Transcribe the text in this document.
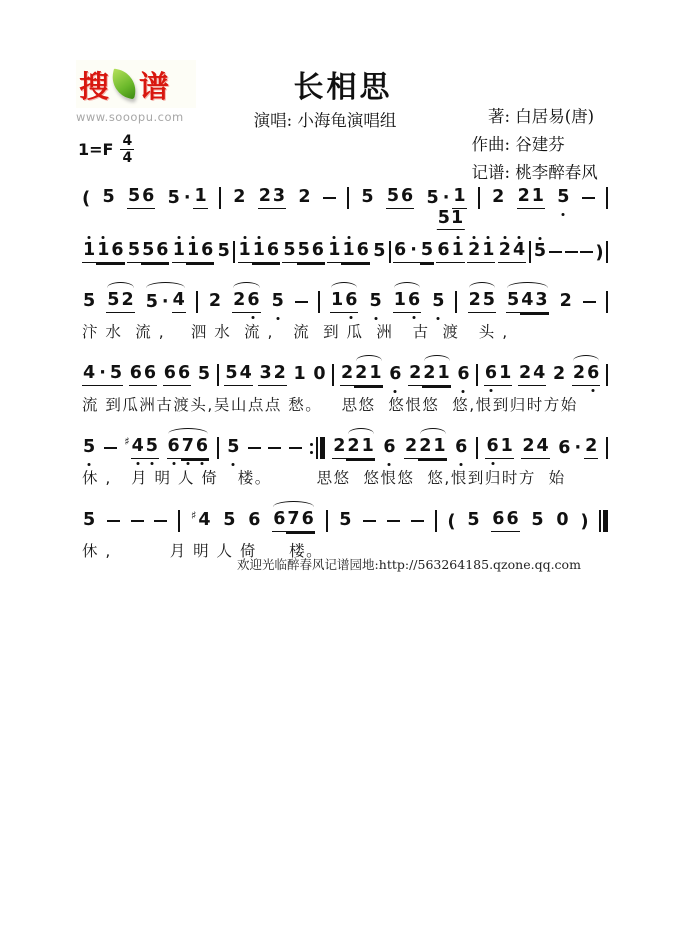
搜 谱
www.sooopu.com
长相思
演唱: 小海龟演唱组	著:
白居易(唐)
作曲:
谷建芬
记谱:
桃李醉春风
$1=F \frac{4}{4}$
( 5 5 6 5 · 1 2 2 3 2	5 5 6 5 · 1
51
2 2 1 5
1 1 6 5 5 6 1 1 6 5 1 1 6 5 5 6 1 1 6 5 6 · 5 6 1 2 1 2 4 5	)
5 5 2 5 · 4 2 2 6 5	1 6 5 1 6 5 2 5 5 4 3 2
汴 水  流 ,    泗 水  流 ,   流  到 瓜  洲   古  渡   头 ,
4 · 5 6 6 6 6 5 5 4 3 2 1 0 2 2 1 6 2 2 1 6 6 1 2 4 2 2 6
流 到瓜洲古渡头,吴山点点 愁。   思悠  悠恨悠  悠,恨到归时方始
5	♯ 4 5 6 7 6 5	2 2 1 6 2 2 1 6 6 1 2 4 6 · 2
休 ,   月 明 人 倚   楼。       思悠  悠恨悠  悠,恨到归时方  始
5	♯ 4 5 6 6 7 6 5	( 5 6 6 5 0 )
休 ,         月 明 人 倚     楼。
欢迎光临醉春风记谱园地:http://563264185.qzone.qq.com
